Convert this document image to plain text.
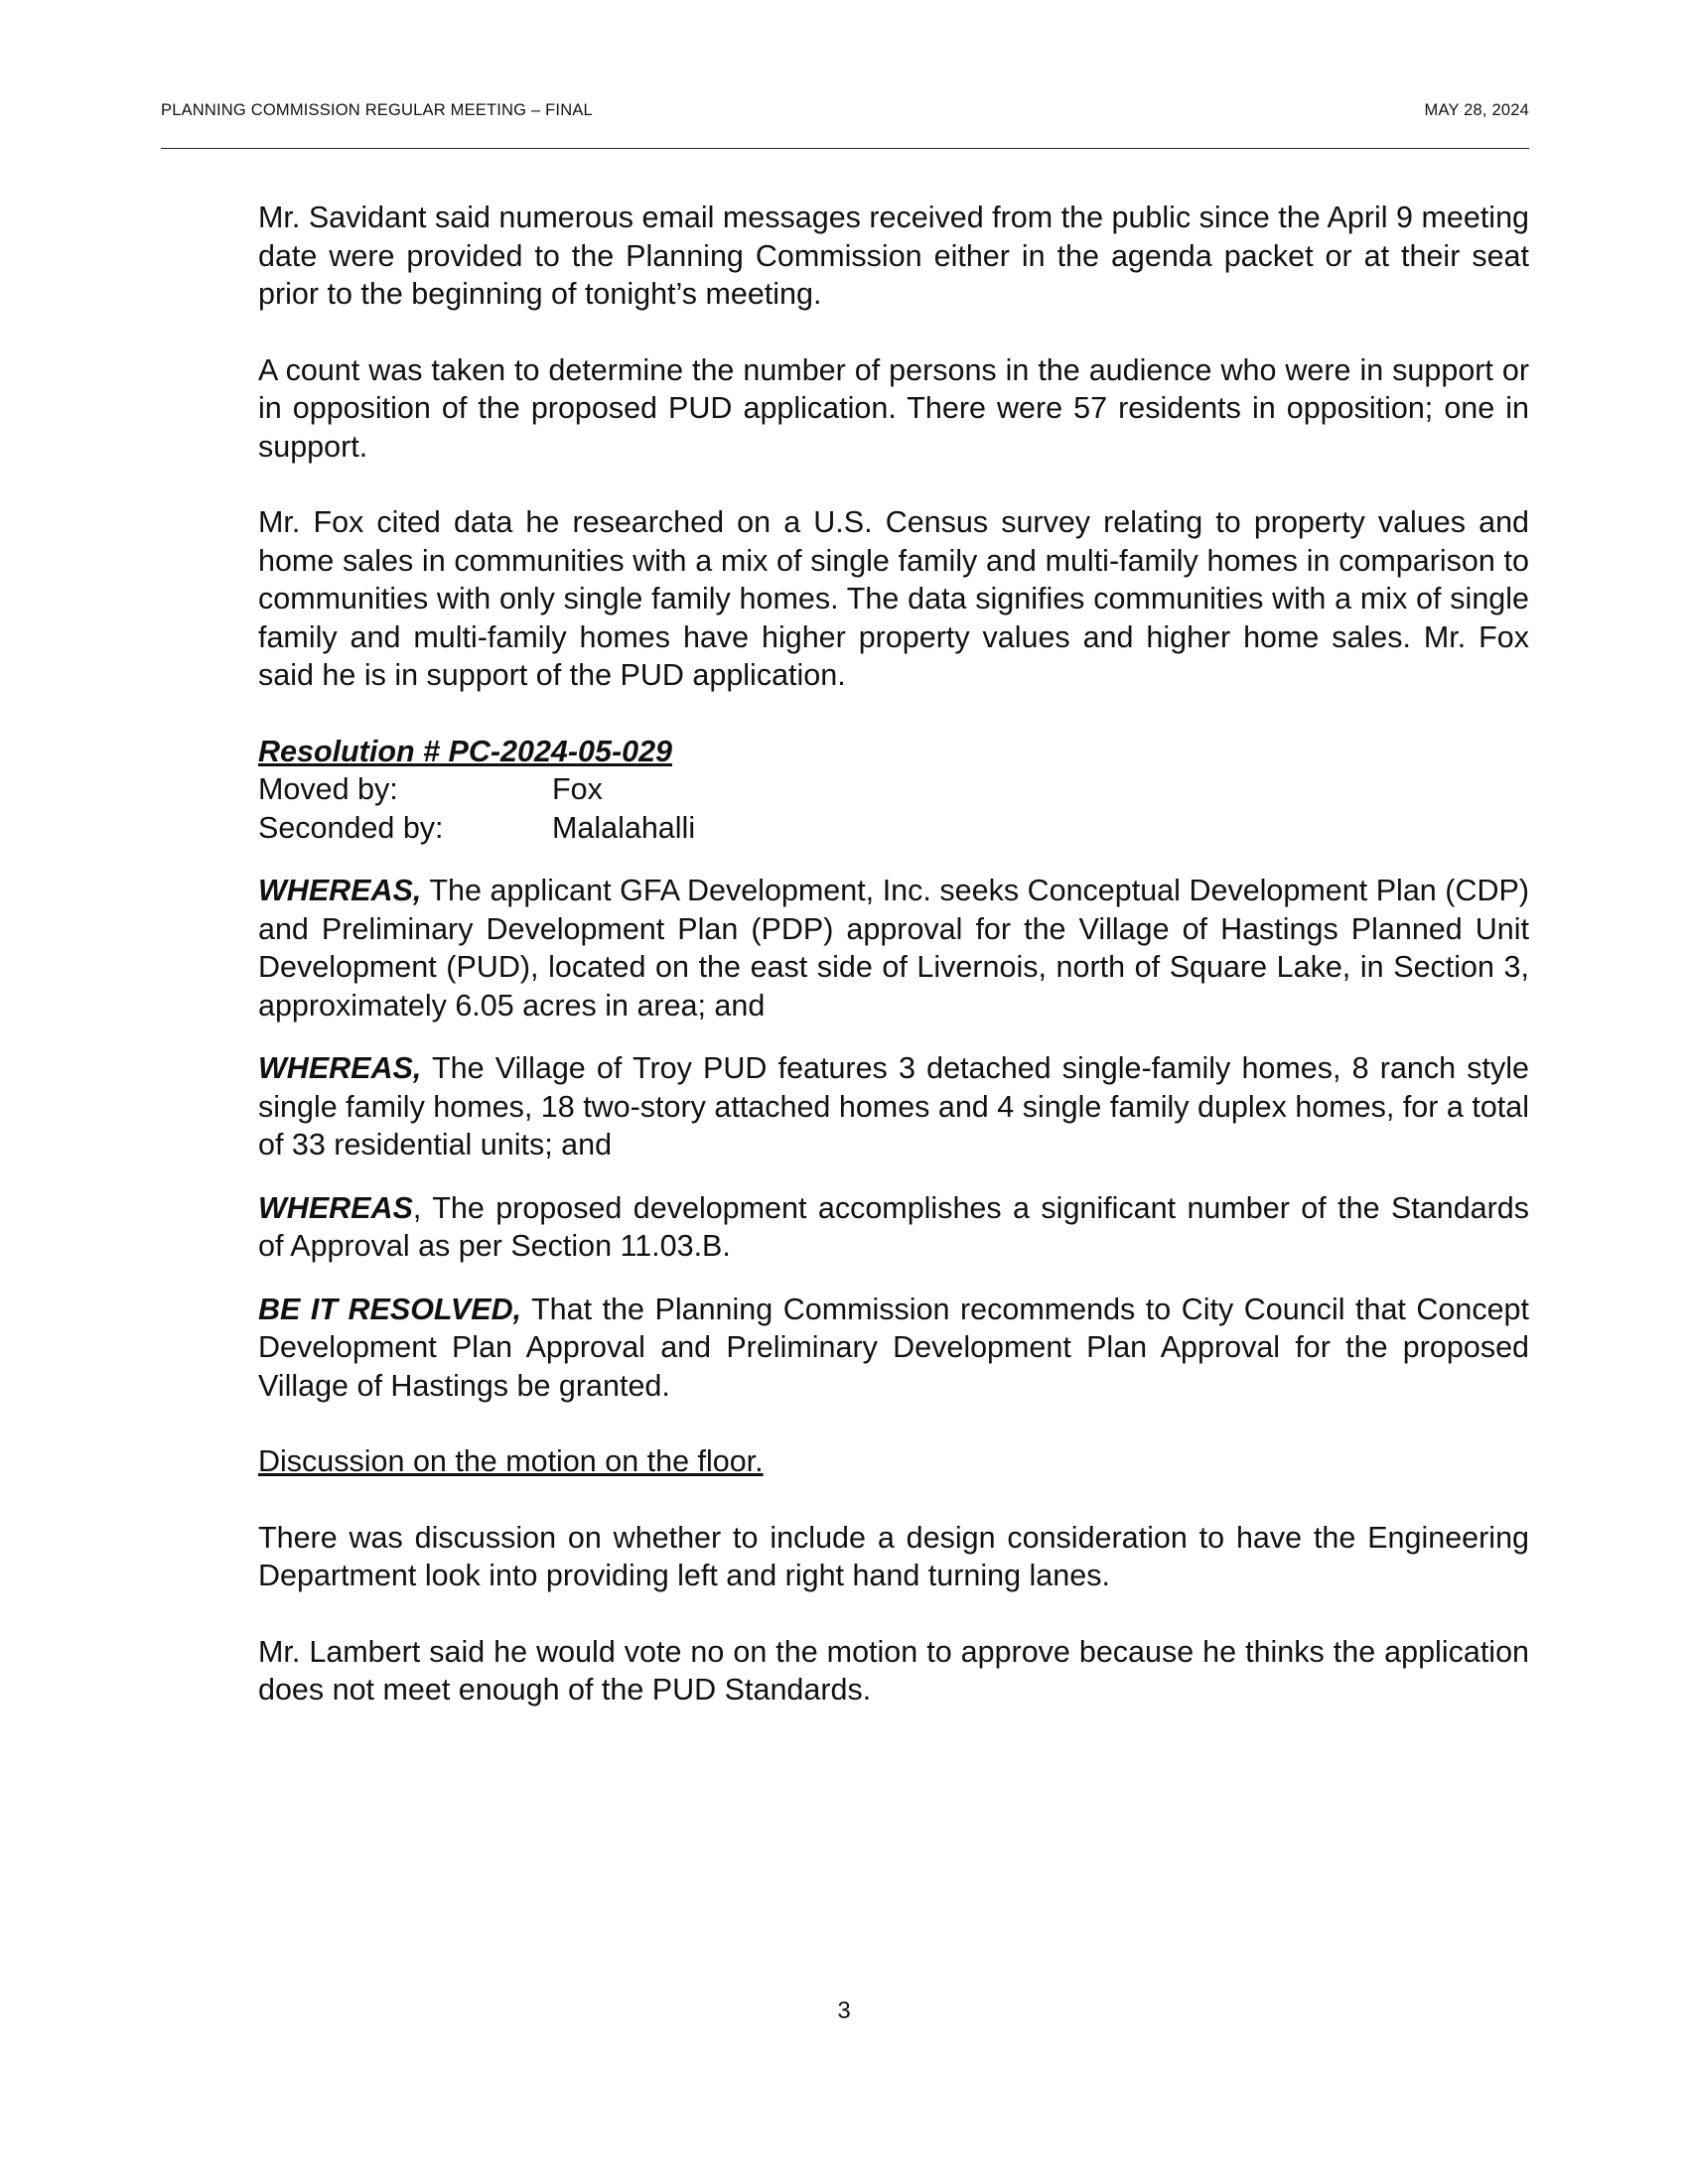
PLANNING COMMISSION REGULAR MEETING – FINAL	MAY 28, 2024

Mr. Savidant said numerous email messages received from the public since the April 9 meeting date were provided to the Planning Commission either in the agenda packet or at their seat prior to the beginning of tonight’s meeting.

A count was taken to determine the number of persons in the audience who were in support or in opposition of the proposed PUD application. There were 57 residents in opposition; one in support.

Mr. Fox cited data he researched on a U.S. Census survey relating to property values and home sales in communities with a mix of single family and multi-family homes in comparison to communities with only single family homes. The data signifies communities with a mix of single family and multi-family homes have higher property values and higher home sales. Mr. Fox said he is in support of the PUD application.

Resolution # PC-2024-05-029
Moved by:	Fox
Seconded by:	Malalahalli

WHEREAS, The applicant GFA Development, Inc. seeks Conceptual Development Plan (CDP) and Preliminary Development Plan (PDP) approval for the Village of Hastings Planned Unit Development (PUD), located on the east side of Livernois, north of Square Lake, in Section 3, approximately 6.05 acres in area; and

WHEREAS, The Village of Troy PUD features 3 detached single-family homes, 8 ranch style single family homes, 18 two-story attached homes and 4 single family duplex homes, for a total of 33 residential units; and

WHEREAS, The proposed development accomplishes a significant number of the Standards of Approval as per Section 11.03.B.

BE IT RESOLVED, That the Planning Commission recommends to City Council that Concept Development Plan Approval and Preliminary Development Plan Approval for the proposed Village of Hastings be granted.

Discussion on the motion on the floor.

There was discussion on whether to include a design consideration to have the Engineering Department look into providing left and right hand turning lanes.

Mr. Lambert said he would vote no on the motion to approve because he thinks the application does not meet enough of the PUD Standards.

3
